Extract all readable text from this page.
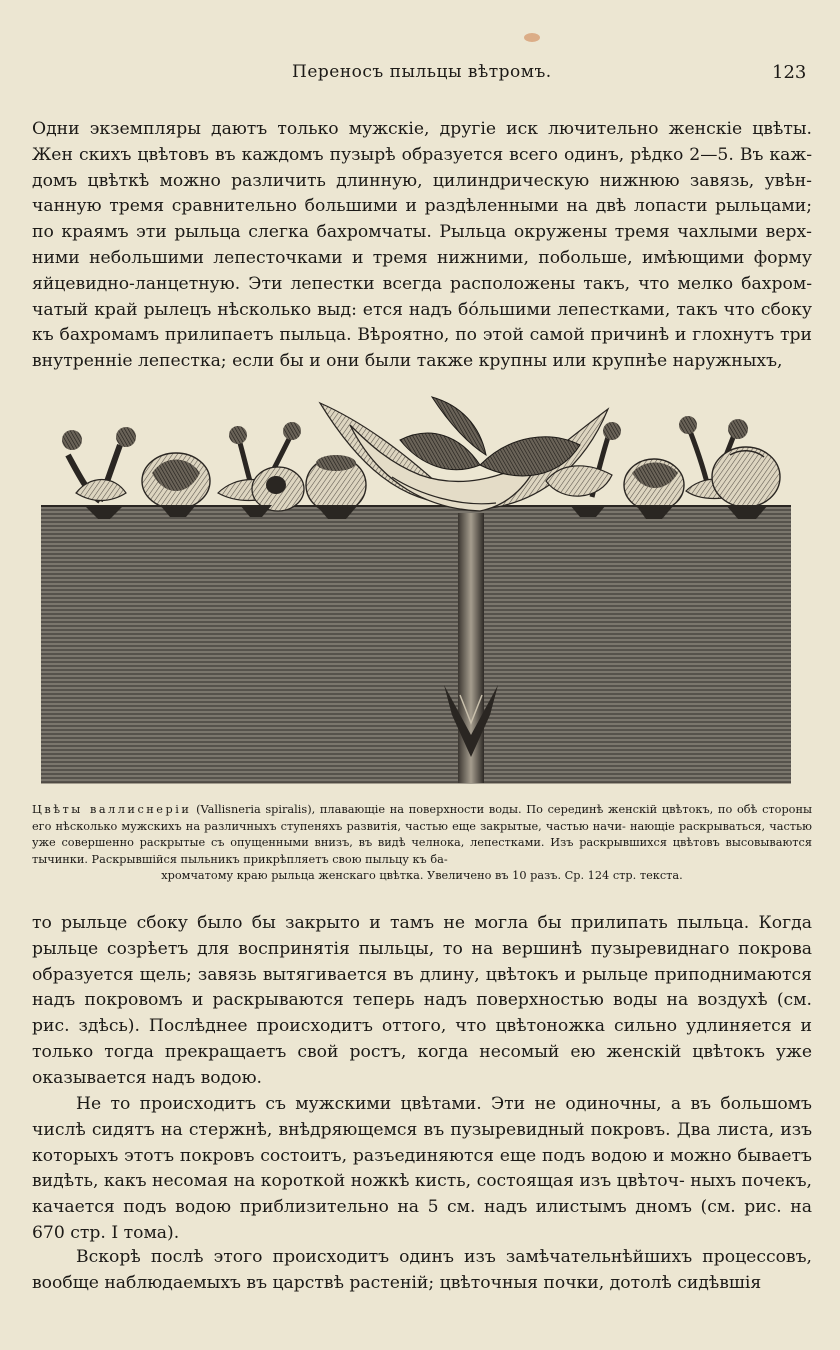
Переносъ пыльцы вѣтромъ.	123

Одни экземпляры даютъ только мужскіе, другіе иск лючительно женскіе цвѣты. Жен скихъ цвѣтовъ въ каждомъ пузырѣ образуется всего одинъ, рѣдко 2—5. Въ каж- домъ цвѣткѣ можно различить длинную, цилиндрическую нижнюю завязь, увѣн- чанную тремя сравнительно большими и раздѣленными на двѣ лопасти рыльцами; по краямъ эти рыльца слегка бахромчаты. Рыльца окружены тремя чахлыми верх- ними небольшими лепесточками и тремя нижними, побольше, имѣющими форму яйцевидно-ланцетную. Эти лепестки всегда расположены такъ, что мелко бахром- чатый край рылецъ нѣсколько выд: ется надъ бóльшими лепестками, такъ что сбоку къ бахромамъ прилипаетъ пыльца. Вѣроятно, по этой самой причинѣ и глохнутъ три внутренніе лепестка; если бы и они были также крупны или крупнѣе наружныхъ,

Цвѣты валлиснеріи (Vallisneria spiralis), плавающіе на поверхности воды. По серединѣ женскій цвѣтокъ, по обѣ стороны его нѣсколько мужскихъ на различныхъ ступеняхъ развитія, частью еще закрытые, частью начи- нающіе раскрываться, частью уже совершенно раскрытые съ опущенными внизъ, въ видѣ челнока, лепестками. Изъ раскрывшихся цвѣтовъ высовываются тычинки. Раскрывшійся пыльникъ прикрѣпляетъ свою пыльцу къ ба-
хромчатому краю рыльца женскаго цвѣтка. Увеличено въ 10 разъ. Ср. 124 стр. текста.

то рыльце сбоку было бы закрыто и тамъ не могла бы прилипать пыльца. Когда рыльце созрѣетъ для воспринятія пыльцы, то на вершинѣ пузыревиднаго покрова образуется щель; завязь вытягивается въ длину, цвѣтокъ и рыльце приподнимаются надъ покровомъ и раскрываются теперь надъ поверхностью воды на воздухѣ (см. рис. здѣсь). Послѣднее происходитъ оттого, что цвѣтоножка сильно удлиняется и только тогда прекращаетъ свой ростъ, когда несомый ею женскій цвѣтокъ уже оказывается надъ водою.

Не то происходитъ съ мужскими цвѣтами. Эти не одиночны, а въ большомъ числѣ сидятъ на стержнѣ, внѣдряющемся въ пузыревидный покровъ. Два листа, изъ которыхъ этотъ покровъ состоитъ, разъединяются еще подъ водою и можно бываетъ видѣть, какъ несомая на короткой ножкѣ кисть, состоящая изъ цвѣточ- ныхъ почекъ, качается подъ водою приблизительно на 5 см. надъ илистымъ дномъ (см. рис. на 670 стр. I тома).

Вскорѣ послѣ этого происходитъ одинъ изъ замѣчательнѣйшихъ процессовъ, вообще наблюдаемыхъ въ царствѣ растеній; цвѣточныя почки, дотолѣ сидѣвшія
